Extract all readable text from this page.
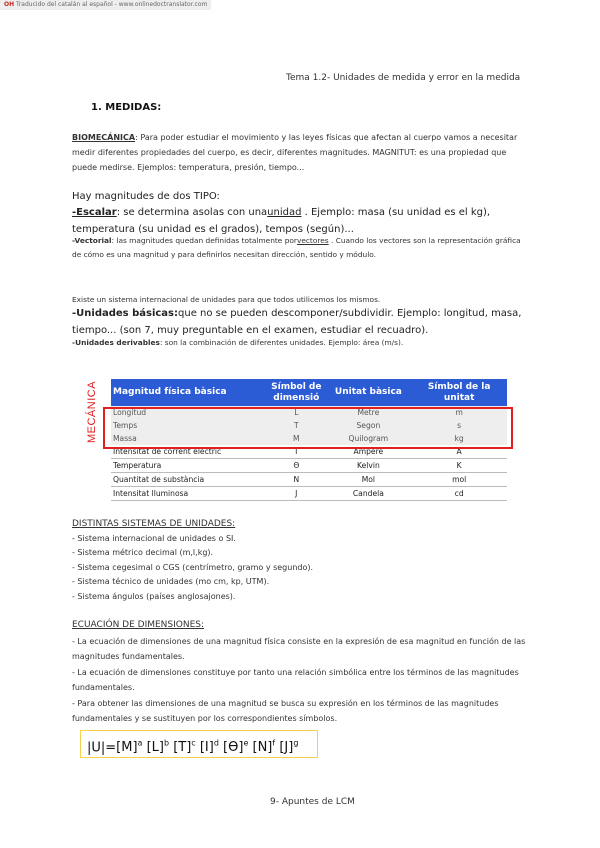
OH Traducido del catalán al español - www.onlinedoctranslator.com
Tema 1.2- Unidades de medida y error en la medida
1. MEDIDAS:
BIOMECÁNICA: Para poder estudiar el movimiento y las leyes físicas que afectan al cuerpo vamos a necesitar medir diferentes propiedades del cuerpo, es decir, diferentes magnitudes. MAGNITUT: es una propiedad que puede medirse. Ejemplos: temperatura, presión, tiempo...
Hay magnitudes de dos TIPO:
-Escalar: se determina asolas con unaunidad . Ejemplo: masa (su unidad es el kg), temperatura (su unidad es el grados), tempos (según)...
-Vectorial: las magnitudes quedan definidas totalmente porvectores . Cuando los vectores son la representación gráfica de cómo es una magnitud y para definirlos necesitan dirección, sentido y módulo.
Existe un sistema internacional de unidades para que todos utilicemos los mismos.
-Unidades básicas:que no se pueden descomponer/subdividir. Ejemplo: longitud, masa, tiempo... (son 7, muy preguntable en el examen, estudiar el recuadro).
-Unidades derivables: son la combinación de diferentes unidades. Ejemplo: área (m/s).
MECÁNICA Magnitud física bàsica	Símbol de dimensió	Unitat bàsica	Símbol de la unitat
Longitud	L	Metre	m
Temps	T	Segon	s
Massa	M	Quilogram	kg
Intensitat de corrent elèctric	I	Ampere	A
Temperatura	Θ	Kelvin	K
Quantitat de substància	N	Mol	mol
Intensitat lluminosa	J	Candela	cd
DISTINTAS SISTEMAS DE UNIDADES:
- Sistema internacional de unidades o SI.
- Sistema métrico decimal (m,l,kg).
- Sistema cegesimal o CGS (centrímetro, gramo y segundo).
- Sistema técnico de unidades (mo cm, kp, UTM).
- Sistema ángulos (países anglosajones).
ECUACIÓN DE DIMENSIONES:
- La ecuación de dimensiones de una magnitud física consiste en la expresión de esa magnitud en función de las magnitudes fundamentales.
- La ecuación de dimensiones constituye por tanto una relación simbólica entre los términos de las magnitudes fundamentales.
- Para obtener las dimensiones de una magnitud se busca su expresión en los términos de las magnitudes fundamentales y se sustituyen por los correspondientes símbolos.
$|U|=[M]^a$ $[L]^b$ $[T]^c$ $[I]^d$ $[ϴ]^e$ $[N]^f$ $[J]^g$
9- Apuntes de LCM
